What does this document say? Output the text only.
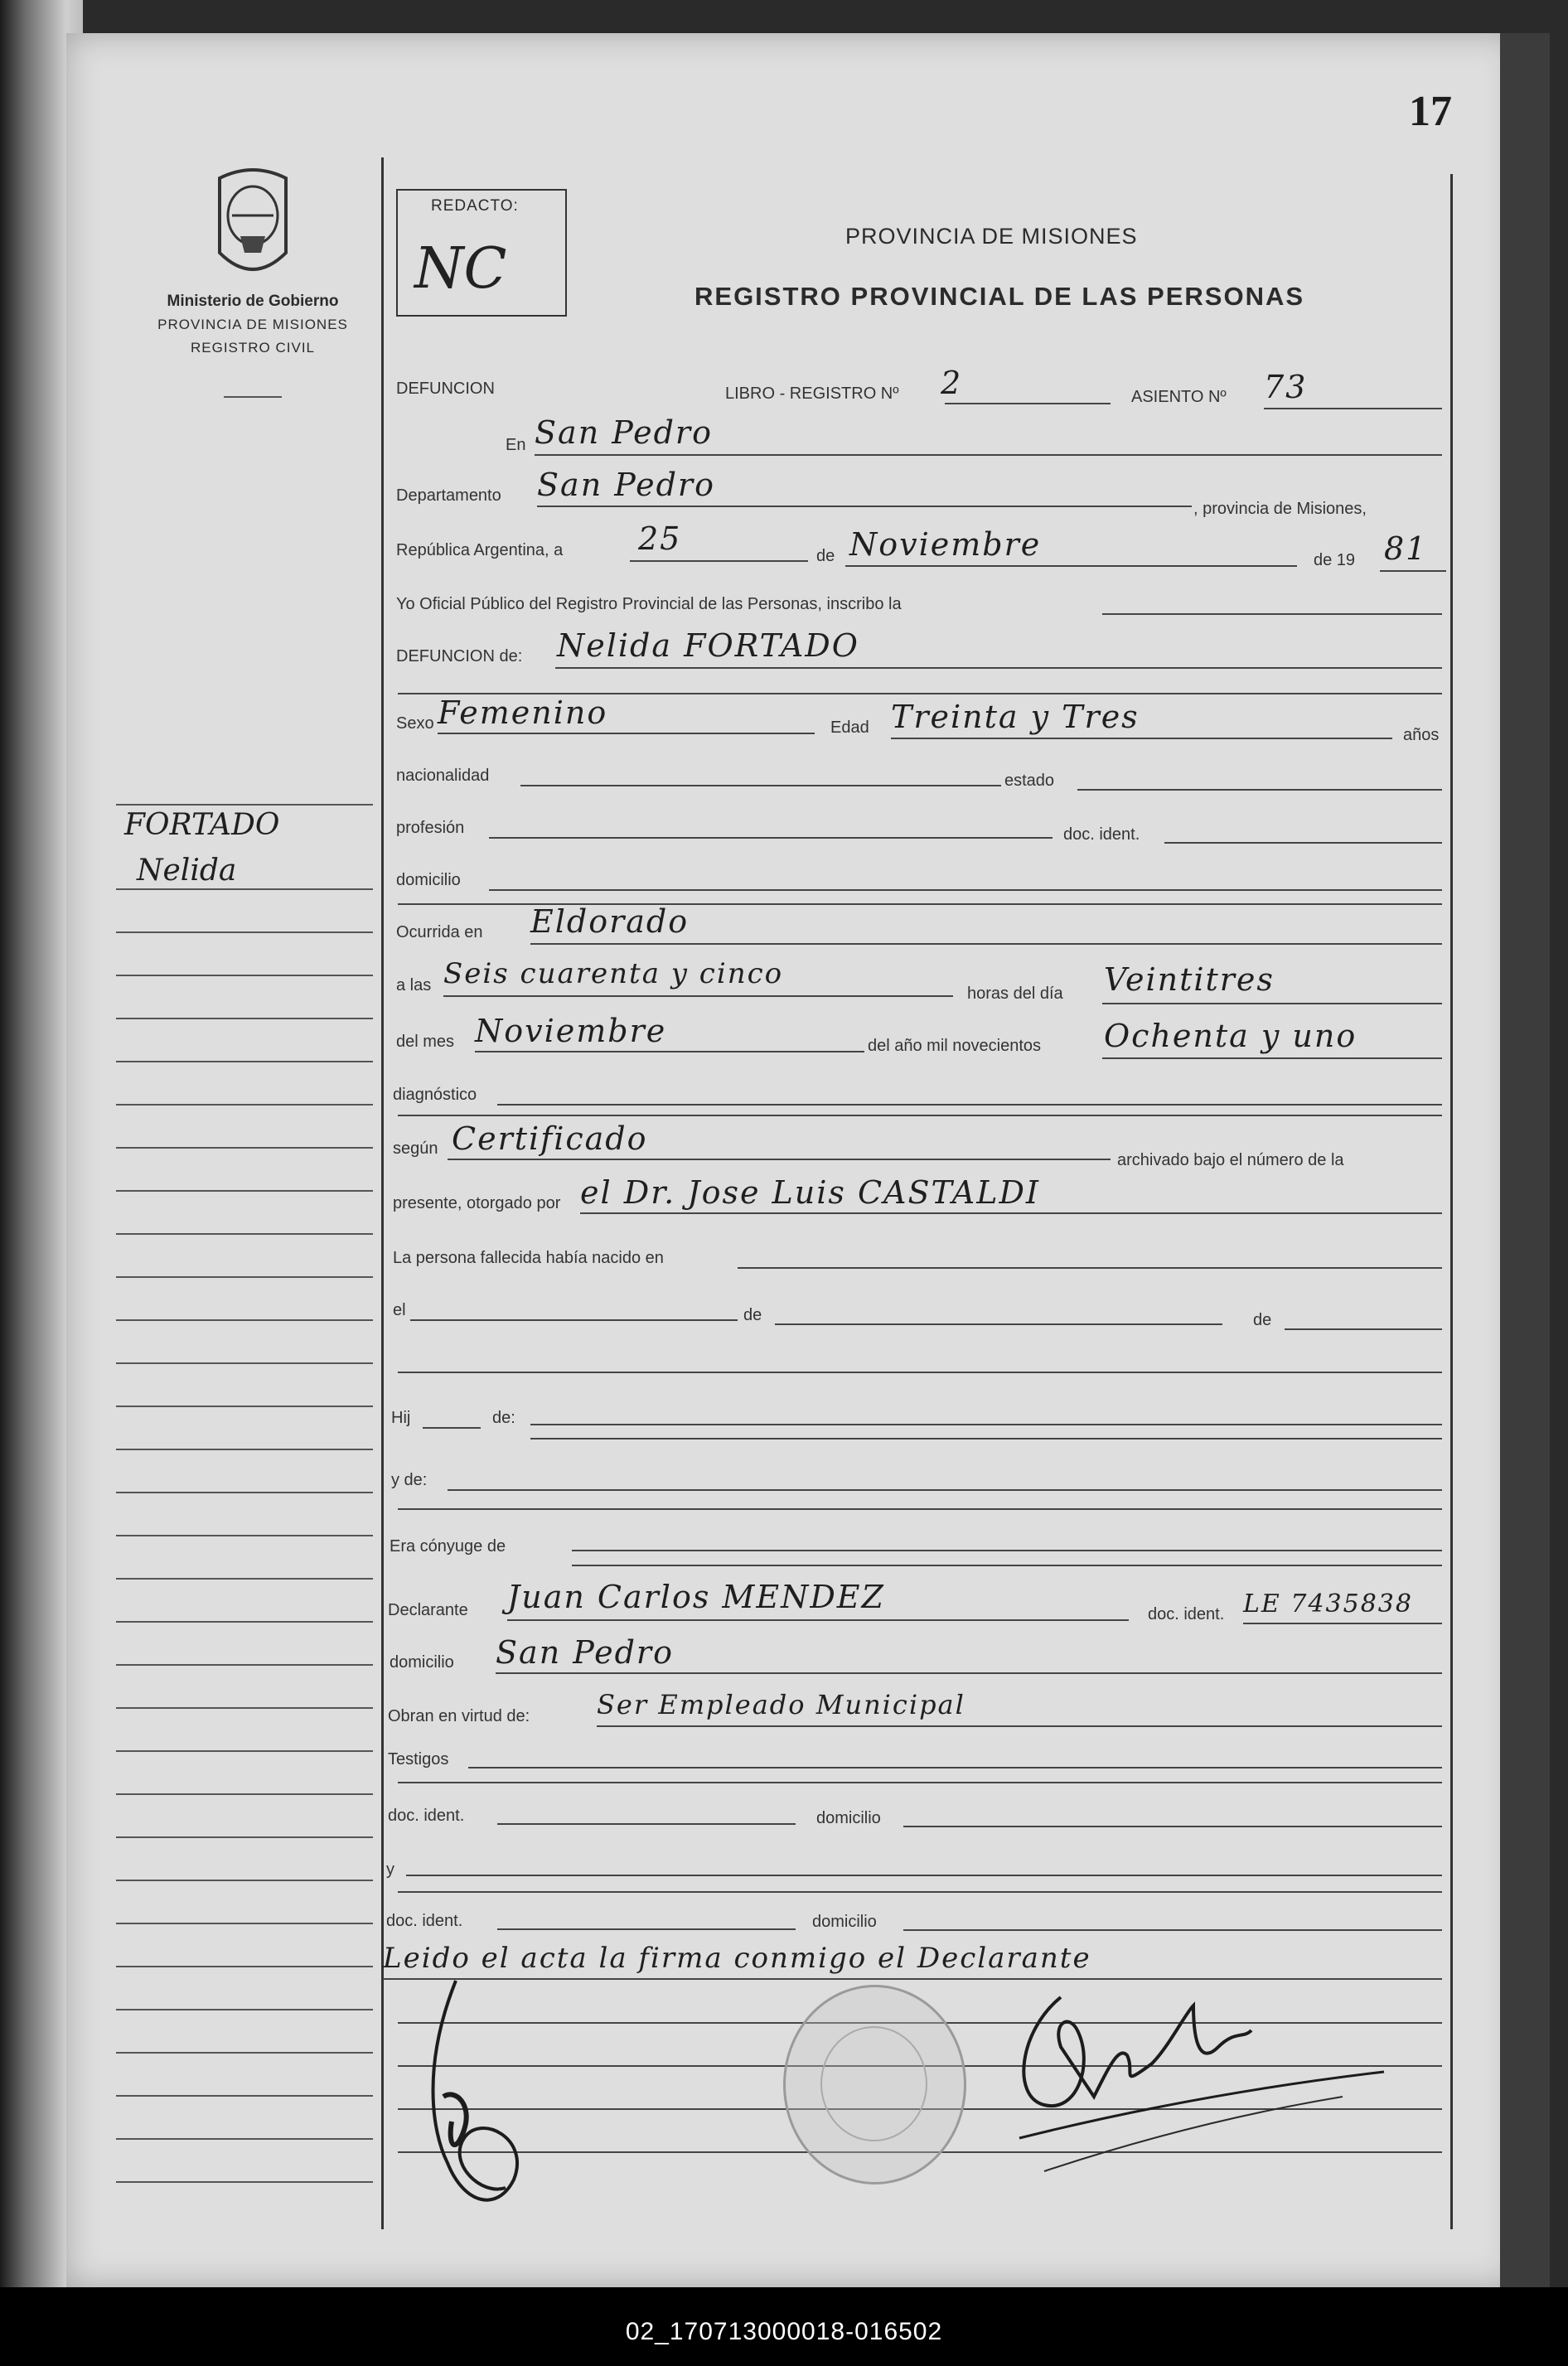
17
Ministerio de Gobierno
PROVINCIA DE MISIONES
REGISTRO CIVIL
REDACTO:
NC	PROVINCIA DE MISIONES
REGISTRO PROVINCIAL DE LAS PERSONAS
FORTADO
Nelida
DEFUNCION	LIBRO - REGISTRO Nº 2	ASIENTO Nº 73
En San Pedro
Departamento San Pedro
, provincia de Misiones,
República Argentina, a 25	de Noviembre	de 19 81
Yo Oficial Público del Registro Provincial de las Personas, inscribo la
DEFUNCION de: Nelida FORTADO
Sexo Femenino	Edad Treinta y Tres	años
nacionalidad	estado
profesión	doc. ident.
domicilio
Ocurrida en Eldorado
a las Seis cuarenta y cinco
horas del día Veintitres
del mes Noviembre	del año mil novecientos Ochenta y uno
diagnóstico
según Certificado
archivado bajo el número de la
presente, otorgado por el Dr. Jose Luis CASTALDI
La persona fallecida había nacido en
el	de	de
Hij	de:
y de:
Era cónyuge de
Declarante Juan Carlos MENDEZ	doc. ident. LE 7435838
domicilio San Pedro
Obran en virtud de:	Ser Empleado Municipal
Testigos
doc. ident.	domicilio
y
doc. ident.	domicilio
Leido el acta la firma conmigo el Declarante
02_170713000018-016502
